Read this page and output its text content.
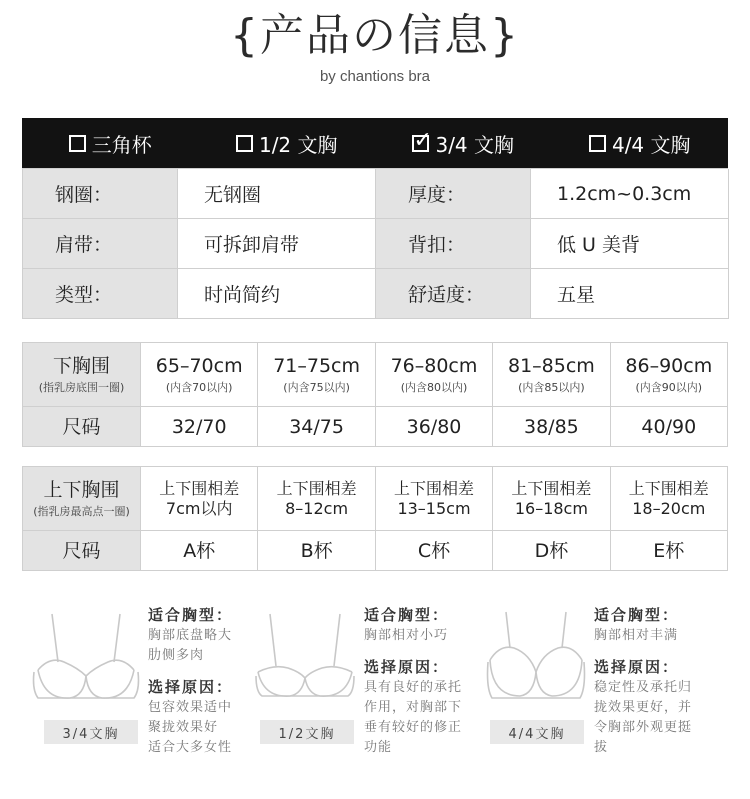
{产品の信息}
by chantions bra
三角杯	1/2 文胸
✓	3/4 文胸	4/4 文胸
钢圈：	无钢圈	厚度：	1.2cm~0.3cm
肩带：	可拆卸肩带	背扣：	低 U 美背
类型：	时尚简约	舒适度：	五星
下胸围
(指乳房底围一圈)
65–70cm
(内含70以内)
71–75cm
(内含75以内)
76–80cm
(内含80以内)
81–85cm
(内含85以内)
86–90cm
(内含90以内)
尺码	32/70	34/75	36/80	38/85	40/90
上下胸围
(指乳房最高点一圈)
上下围相差
7cm以内
上下围相差
8–12cm
上下围相差
13–15cm
上下围相差
16–18cm
上下围相差
18–20cm
尺码	A杯	B杯	C杯	D杯	E杯
3/4文胸
适合胸型：
胸部底盘略大
肋侧多肉
选择原因：
包容效果适中
聚拢效果好
适合大多女性
1/2文胸
适合胸型：
胸部相对小巧
选择原因：
具有良好的承托
作用，对胸部下
垂有较好的修正
功能
4/4文胸
适合胸型：
胸部相对丰满
选择原因：
稳定性及承托归
拢效果更好，并
令胸部外观更挺
拔
